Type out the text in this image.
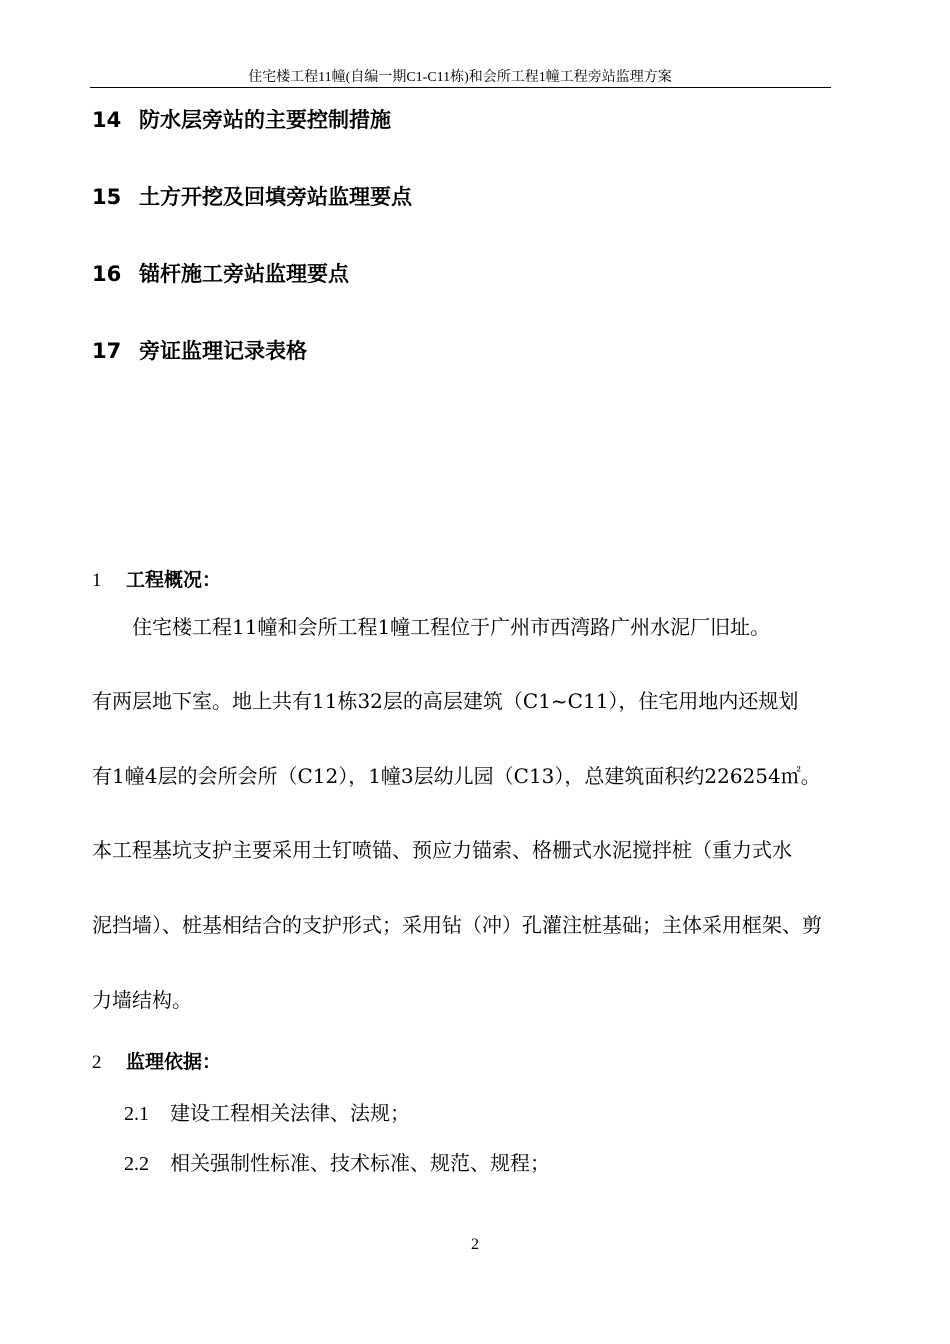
住宅楼工程11幢(自编一期C1-C11栋)和会所工程1幢工程旁站监理方案
14 防水层旁站的主要控制措施
15 土方开挖及回填旁站监理要点
16 锚杆施工旁站监理要点
17 旁证监理记录表格
1 工程概况：
　　住宅楼工程11幢和会所工程1幢工程位于广州市西湾路广州水泥厂旧址。
有两层地下室。地上共有11栋32层的高层建筑（C1~C11），住宅用地内还规划
有1幢4层的会所会所（C12），1幢3层幼儿园（C13），总建筑面积约226254㎡。
本工程基坑支护主要采用土钉喷锚、预应力锚索、格栅式水泥搅拌桩（重力式水
泥挡墙）、桩基相结合的支护形式；采用钻（冲）孔灌注桩基础；主体采用框架、剪
力墙结构。
2 监理依据：
2.1 建设工程相关法律、法规；
2.2 相关强制性标准、技术标准、规范、规程；
2
